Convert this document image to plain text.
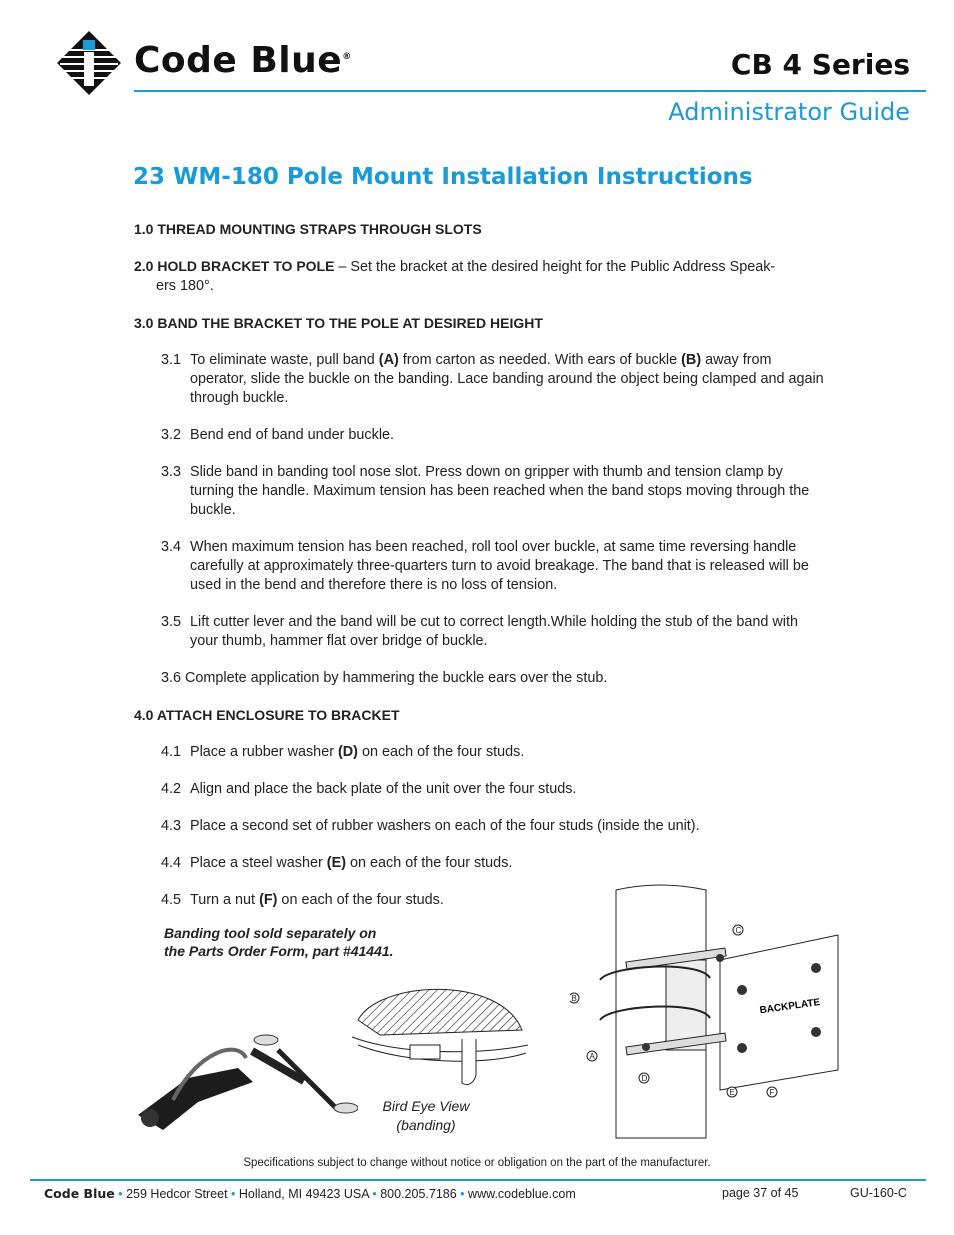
Code Blue®	CB 4 Series
Administrator Guide
23 WM-180 Pole Mount Installation Instructions
1.0 THREAD MOUNTING STRAPS THROUGH SLOTS
2.0 HOLD BRACKET TO POLE – Set the bracket at the desired height for the Public Address Speak-
ers 180°.
3.0 BAND THE BRACKET TO THE POLE AT DESIRED HEIGHT
3.1 To eliminate waste, pull band (A) from carton as needed. With ears of buckle (B) away from operator, slide the buckle on the banding. Lace banding around the object being clamped and again through buckle.
3.2 Bend end of band under buckle.
3.3 Slide band in banding tool nose slot. Press down on gripper with thumb and tension clamp by turning the handle. Maximum tension has been reached when the band stops moving through the buckle.
3.4 When maximum tension has been reached, roll tool over buckle, at same time reversing handle carefully at approximately three-quarters turn to avoid breakage. The band that is released will be used in the bend and therefore there is no loss of tension.
3.5 Lift cutter lever and the band will be cut to correct length.While holding the stub of the band with your thumb, hammer flat over bridge of buckle.
3.6 Complete application by hammering the buckle ears over the stub.
4.0 ATTACH ENCLOSURE TO BRACKET
4.1 Place a rubber washer (D) on each of the four studs.
4.2 Align and place the back plate of the unit over the four studs.
4.3 Place a second set of rubber washers on each of the four studs (inside the unit).
4.4 Place a steel washer (E) on each of the four studs.
4.5 Turn a nut (F) on each of the four studs.
Banding tool sold separately on
the Parts Order Form, part #41441.
Bird Eye View
(banding)
BACKPLATE
C
B
A
D
E	F
Specifications subject to change without notice or obligation on the part of the manufacturer.
Code Blue • 259 Hedcor Street • Holland, MI 49423 USA • 800.205.7186 • www.codeblue.com	page 37 of 45	GU-160-C
